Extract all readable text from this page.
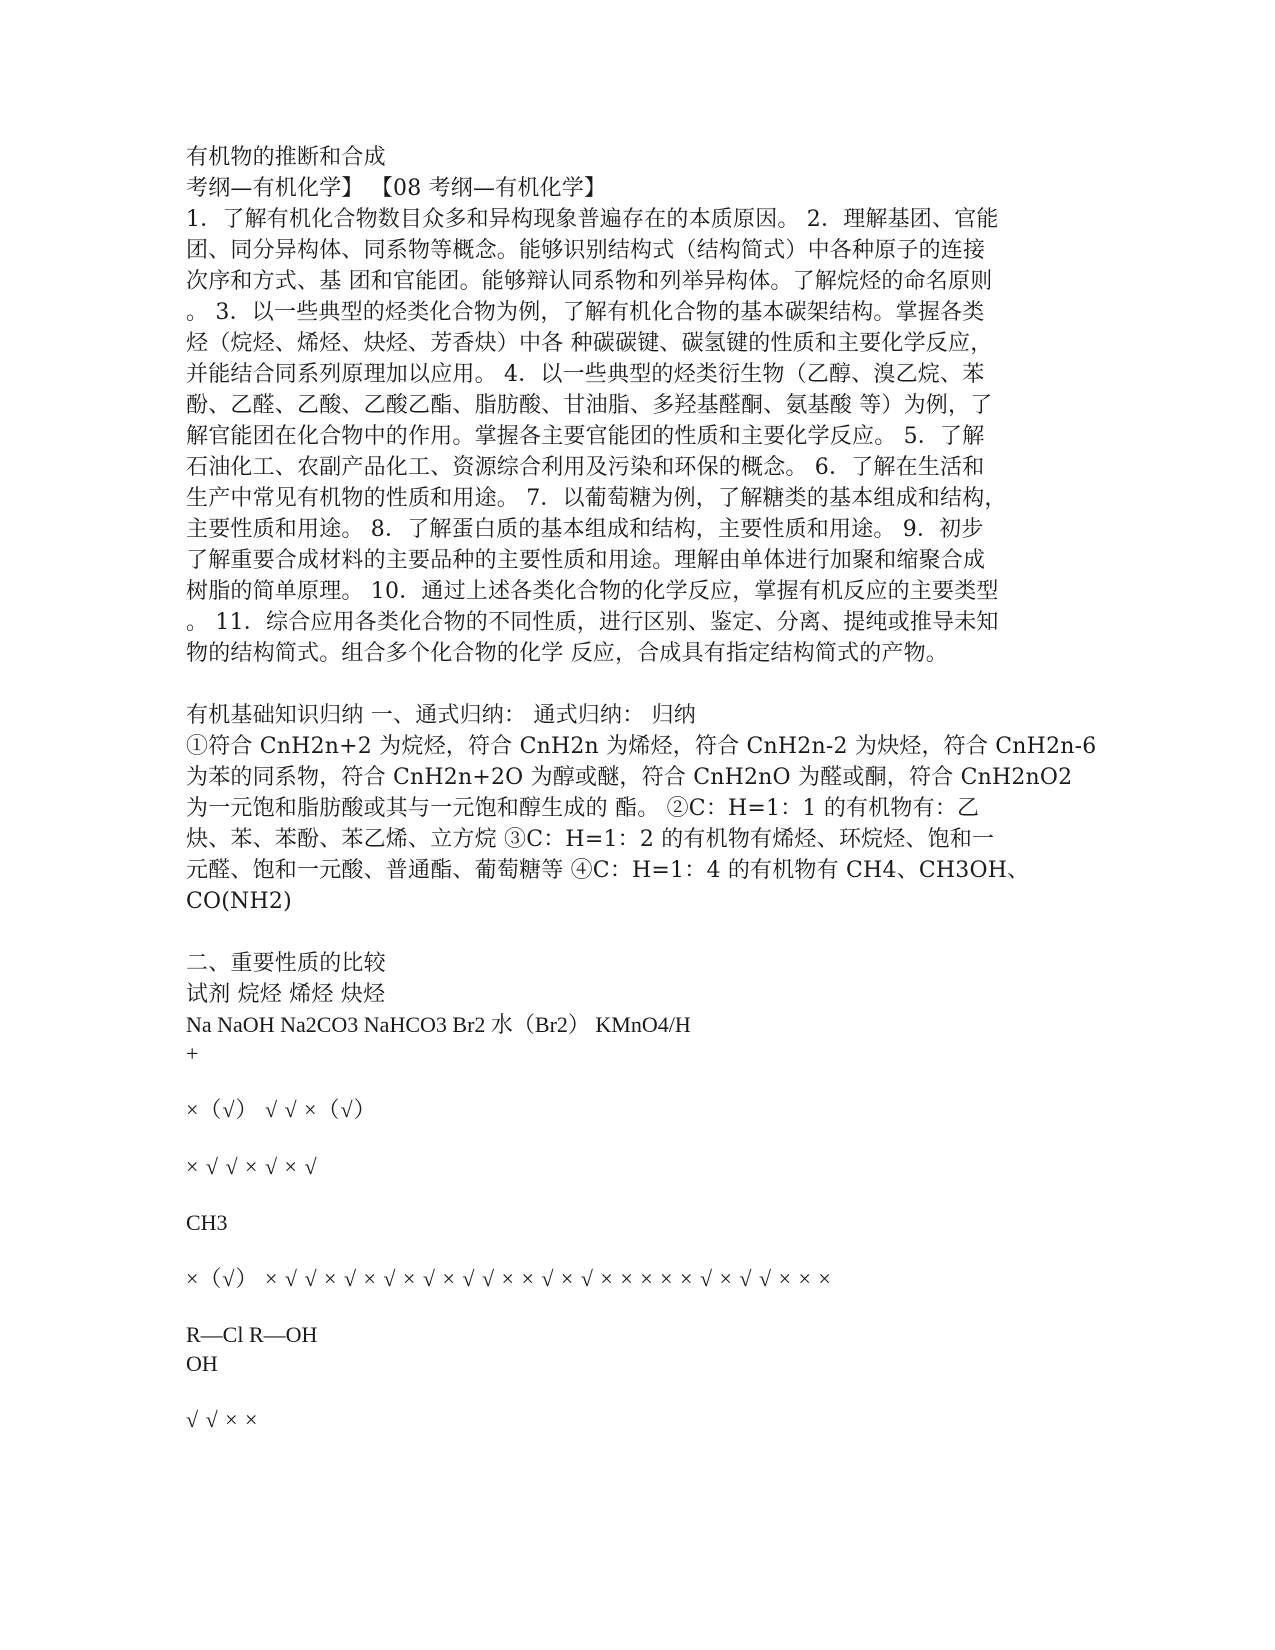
有机物的推断和合成
考纲—有机化学】 【08 考纲—有机化学】
1．了解有机化合物数目众多和异构现象普遍存在的本质原因。 2．理解基团、官能
团、同分异构体、同系物等概念。能够识别结构式（结构简式）中各种原子的连接
次序和方式、基 团和官能团。能够辩认同系物和列举异构体。了解烷烃的命名原则
。 3．以一些典型的烃类化合物为例，了解有机化合物的基本碳架结构。掌握各类
烃（烷烃、烯烃、炔烃、芳香炔）中各 种碳碳键、碳氢键的性质和主要化学反应，
并能结合同系列原理加以应用。 4．以一些典型的烃类衍生物（乙醇、溴乙烷、苯
酚、乙醛、乙酸、乙酸乙酯、脂肪酸、甘油脂、多羟基醛酮、氨基酸 等）为例，了
解官能团在化合物中的作用。掌握各主要官能团的性质和主要化学反应。 5．了解
石油化工、农副产品化工、资源综合利用及污染和环保的概念。 6．了解在生活和
生产中常见有机物的性质和用途。 7．以葡萄糖为例，了解糖类的基本组成和结构，
主要性质和用途。 8．了解蛋白质的基本组成和结构，主要性质和用途。 9．初步
了解重要合成材料的主要品种的主要性质和用途。理解由单体进行加聚和缩聚合成
树脂的简单原理。 10．通过上述各类化合物的化学反应，掌握有机反应的主要类型
。 11．综合应用各类化合物的不同性质，进行区别、鉴定、分离、提纯或推导未知
物的结构简式。组合多个化合物的化学 反应，合成具有指定结构简式的产物。
有机基础知识归纳 一、通式归纳： 通式归纳： 归纳
①符合 CnH2n+2 为烷烃，符合 CnH2n 为烯烃，符合 CnH2n-2 为炔烃，符合 CnH2n-6
为苯的同系物，符合 CnH2n+2O 为醇或醚，符合 CnH2nO 为醛或酮，符合 CnH2nO2
为一元饱和脂肪酸或其与一元饱和醇生成的 酯。 ②C：H=1：1 的有机物有：乙
炔、苯、苯酚、苯乙烯、立方烷 ③C：H=1：2 的有机物有烯烃、环烷烃、饱和一
元醛、饱和一元酸、普通酯、葡萄糖等 ④C：H=1：4 的有机物有 CH4、CH3OH、
CO(NH2)
二、重要性质的比较
试剂 烷烃 烯烃 炔烃
Na NaOH Na2CO3 NaHCO3 Br2 水（Br2） KMnO4/H
+
×（√） √ √ ×（√）
× √ √ × √ × √
CH3
×（√） × √ √ × √ × √ × √ × √ √ × × √ × √ × × × × × √ × √ √ × × ×
R—Cl R—OH
OH
√ √ × ×
